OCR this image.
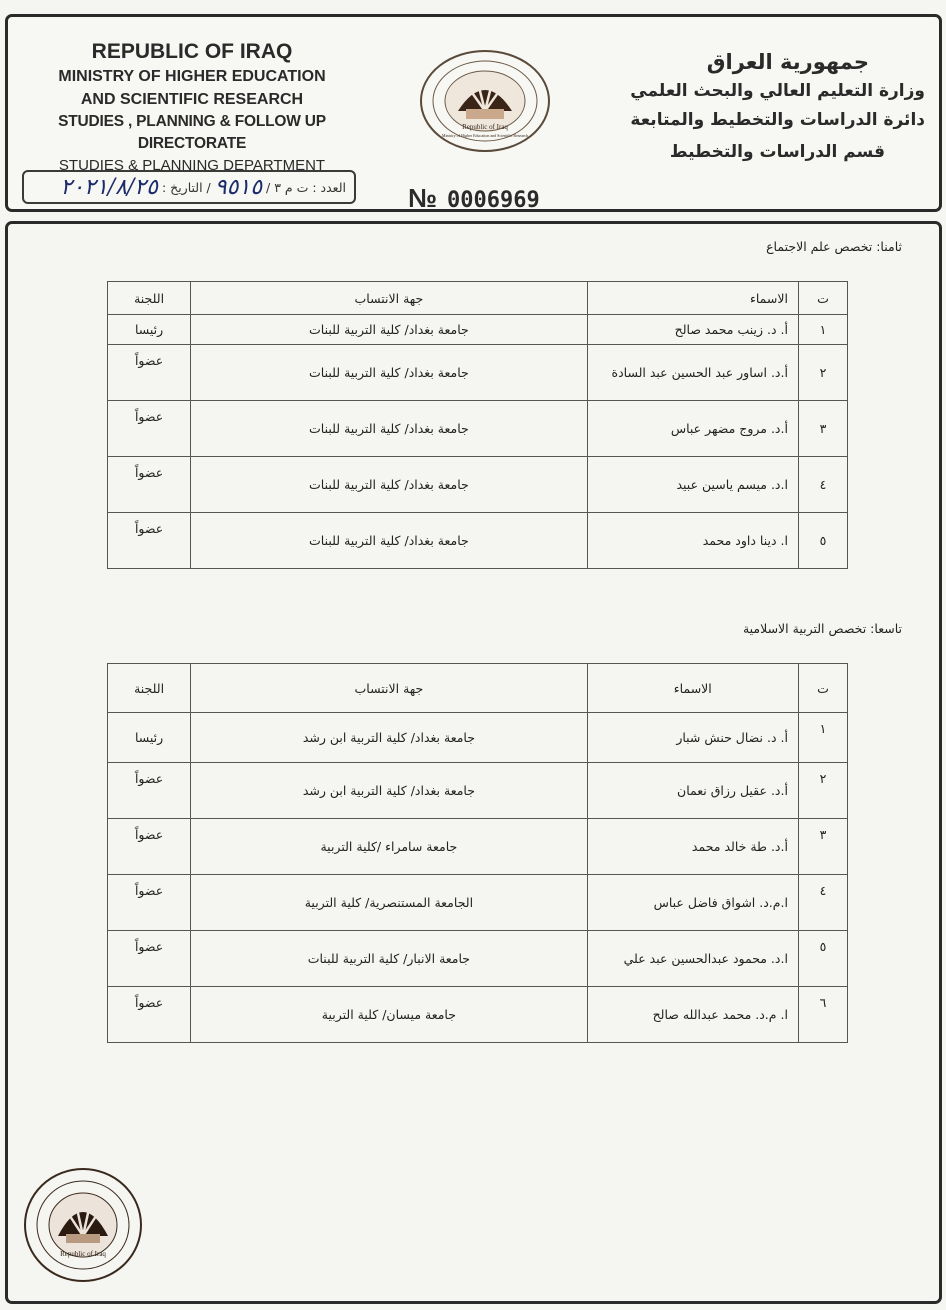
REPUBLIC OF IRAQ
MINISTRY OF HIGHER EDUCATION
AND SCIENTIFIC RESEARCH
STUDIES , PLANNING & FOLLOW UP DIRECTORATE
STUDIES & PLANNING DEPARTMENT
العدد : ت م ٣ /
٩٥١٥
/ التاريخ :
٢٠٢١/٨/٢٥
Republic of Iraq
Ministry of Higher Education and Scientific Research
№ 0006969
جمهورية العراق
وزارة التعليم العالي والبحث العلمي
دائرة الدراسات والتخطيط والمتابعة
قسم الدراسات والتخطيط
ثامنا: تخصص علم الاجتماع
ت	الاسماء	جهة الانتساب	اللجنة
١	أ. د. زينب محمد صالح	جامعة بغداد/ كلية التربية للبنات	رئيسا
٢	أ.د. اساور عبد الحسين عبد السادة	جامعة بغداد/ كلية التربية للبنات	عضواً
٣	أ.د. مروج مضهر عباس	جامعة بغداد/ كلية التربية للبنات	عضواً
٤	ا.د. ميسم ياسين عبيد	جامعة بغداد/ كلية التربية للبنات	عضواً
٥	ا. دينا داود محمد	جامعة بغداد/ كلية التربية للبنات	عضواً
تاسعا: تخصص التربية الاسلامية
ت	الاسماء	جهة الانتساب	اللجنة
١	أ. د. نضال حنش شبار	جامعة بغداد/ كلية التربية ابن رشد	رئيسا
٢	أ.د. عقيل رزاق نعمان	جامعة بغداد/ كلية التربية ابن رشد	عضواً
٣	أ.د. طة خالد محمد	جامعة سامراء /كلية التربية	عضواً
٤	ا.م.د. اشواق فاضل عباس	الجامعة المستنصرية/ كلية التربية	عضواً
٥	ا.د. محمود عبدالحسين عبد علي	جامعة الانبار/ كلية التربية للبنات	عضواً
٦	ا. م.د. محمد عبدالله صالح	جامعة ميسان/ كلية التربية	عضواً
Republic of Iraq
